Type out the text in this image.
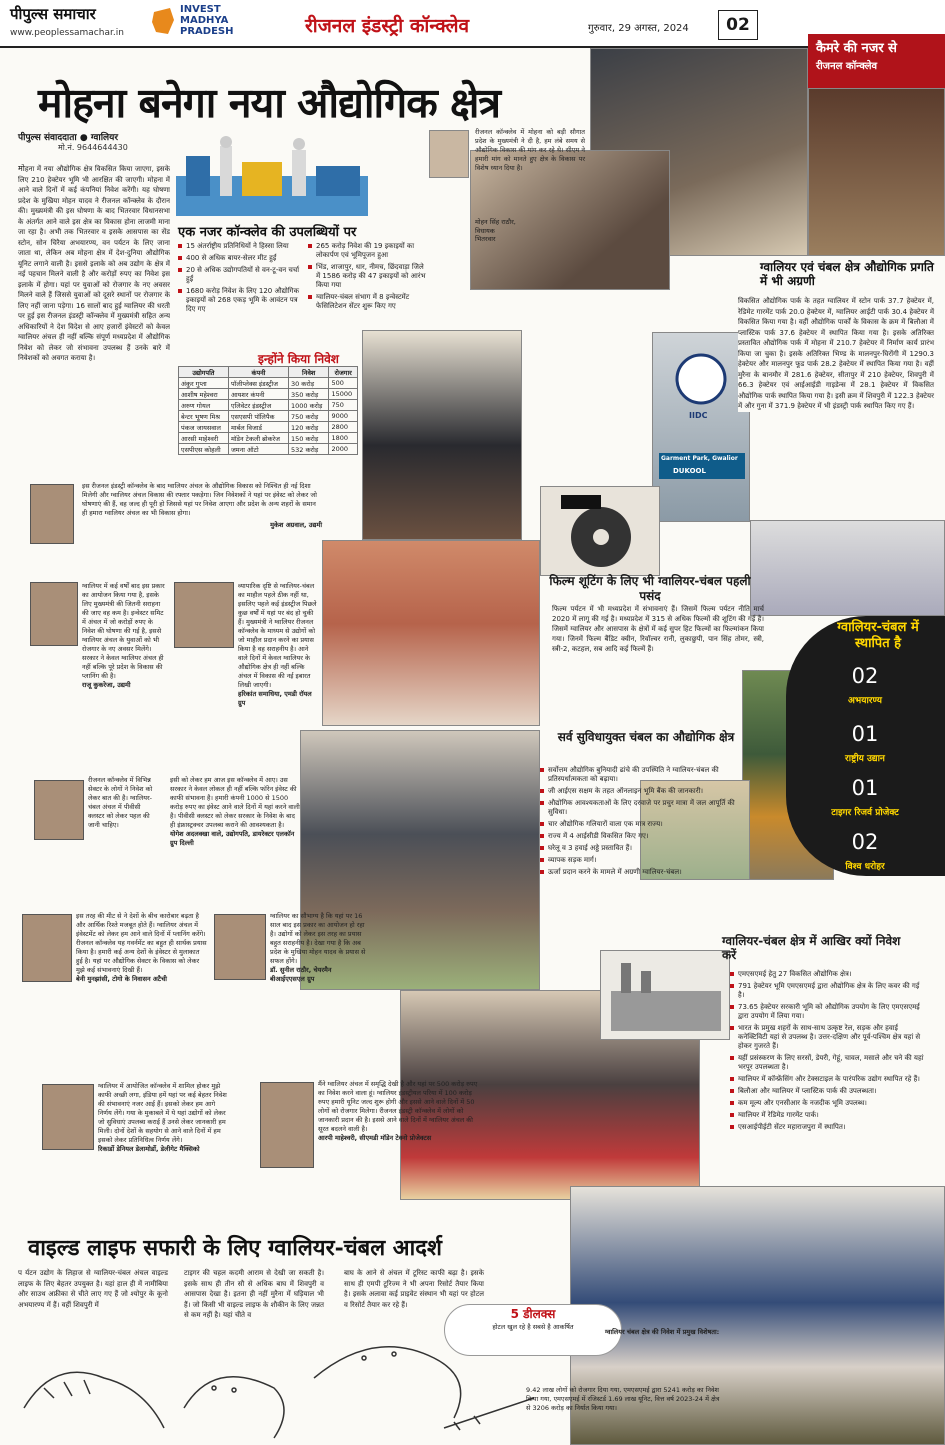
पीपुल्स समाचार
www.peoplessamachar.in
INVEST
MADHYA
PRADESH	रीजनल इंडस्ट्री कॉन्क्लेव	गुरुवार, 29 अगस्त, 2024	02
कैमरे की नजर से
रीजनल कॉन्क्लेव
IIDC
Garment Park, Gwalior
DUKOOL
मोहना बनेगा नया औद्योगिक क्षेत्र
पीपुल्स संवाददाता ● ग्वालियर
मो.नं. 9644644430
मोहना में नया औद्योगिक क्षेत्र विकसित किया जाएगा, इसके लिए 210 हेक्टेयर भूमि भी आरक्षित की जाएगी। मोहना में आने वाले दिनों में कई कंपनियां निवेश करेंगी। यह घोषणा प्रदेश के मुखिया मोहन यादव ने रीजनल कॉन्क्लेव के दौरान की। मुख्यमंत्री की इस घोषणा के बाद भितरवार विधानसभा के अंतर्गत आने वाले इस क्षेत्र का विकास होना लाजमी माना जा रहा है। अभी तक भितरवार व इसके आसपास का सेंड स्टोन, सोन चिरैया अभयारण्य, वन पर्यटन के लिए जाना जाता था, लेकिन अब मोहना क्षेत्र में देश-दुनिया औद्योगिक यूनिट लगाने वाली है। इससे इलाके को अब उद्योग के क्षेत्र में नई पहचान मिलने वाली है और करोड़ों रुपए का निवेश इस इलाके में होगा। यहां पर युवाओं को रोजगार के नए अवसर मिलने वाले हैं जिससे युवाओं को दूसरे स्थानों पर रोजगार के लिए नहीं जाना पड़ेगा। 16 सालों बाद हुई ग्वालियर की धरती पर हुई इस रीजनल इंडस्ट्री कॉन्क्लेव में मुख्यमंत्री सहित अन्य अधिकारियों ने देश विदेश से आए हजारों इंवेस्टरों को केवल ग्वालियर अंचल ही नहीं बल्कि संपूर्ण मध्यप्रदेश में औद्योगिक निवेश को लेकर जो संभावना उपलब्ध हैं उनके बारे में निवेशकों को अवगत कराया है।
एक नजर कॉन्क्लेव की उपलब्धियों पर
15 अंतर्राष्ट्रीय प्रतिनिधियों ने हिस्सा लिया
400 से अधिक बायर-सेलर मीट हुईं
20 से अधिक उद्योगपतियों से वन-टू-वन चर्चा हुईं
1680 करोड़ निवेश के लिए 120 औद्योगिक इकाइयों को 268 एकड़ भूमि के आवंटन पत्र दिए गए
265 करोड़ निवेश की 19 इकाइयों का लोकार्पण एवं भूमिपूजन हुआ
भिंड, शाजापुर, धार, नीमच, छिंदवाड़ा जिले में 1586 करोड़ की 47 इकाइयों को आरंभ किया गया
ग्वालियर-चंबल संभाग में 8 इन्वेस्टमेंट फेसिलिटेशन सेंटर शुरू किए गए
इन्होंने किया निवेश
उद्योगपति	कंपनी	निवेश	रोजगार
अंकुर गुप्ता	पॉलीप्लेक्स इंडस्ट्रीज	30 करोड़	500
आशीष महेश्वरा	आयशर कंपनी	350 करोड़	15000
अरुण गोयल	एलिवेटर इंडस्ट्रीज	1000 करोड़	750
बेन्टर भूषण मिश्र	एसएसपी पॉलिपैक	750 करोड़	9000
पंकज जायसवाल	मार्बल विजार्ड	120 करोड़	2800
आरसी माहेश्वरी	मॉडेन टेकली ब्रोकरेज	150 करोड़	1800
एसपीएस कोहली	जमना ऑटो	532 करोड़	2000
रीजनल कॉन्क्लेव में मोहना को बड़ी सौगात प्रदेश के मुख्यमंत्री ने दी है, हम लंबे समय से औद्योगिक विकास की मांग कर रहे थे। सीएम ने हमारी मांग को मानते हुए क्षेत्र के विकास पर विशेष ध्यान दिया है।
मोहन सिंह राठौर,
विधायक
भितरवार
इस रीजनल इंडस्ट्री कॉन्क्लेव के बाद ग्वालियर अंचल के औद्योगिक विकास को निश्चित ही नई दिशा मिलेगी और ग्वालियर अंचल विकास की रफ्तार पकड़ेगा। जिन निवेशकों ने यहां पर इंवेस्ट को लेकर जो घोषणाएं की हैं, वह जल्द ही पूरी हो जिससे यहां पर निवेश आएगा और प्रदेश के अन्य शहरों के समान ही हमारा ग्वालियर अंचल का भी विकास होगा।
मुकेश अग्रवाल, उद्यमी
ग्वालियर में कई वर्षों बाद इस प्रकार का आयोजन किया गया है, इसके लिए मुख्यमंत्री की जितनी सराहना की जाए वह कम है। इन्वेस्टर समिट में अंचल में जो करोड़ों रुपए के निवेश की घोषणा की गई है, इससे ग्वालियर अंचल के युवाओं को भी रोजगार के नए अवसर मिलेंगे। सरकार ने केवल ग्वालियर अंचल ही नहीं बल्कि पूरे प्रदेश के विकास की प्लानिंग की है।
राजू कुकरेजा, उद्यमी
व्यापारिक दृष्टि से ग्वालियर-चंबल का माहौल पहले ठीक नहीं था, इसलिए पहले कई इंडस्ट्रीज पिछले कुछ वर्षों में यहां पर बंद हो चुकी हैं। मुख्यमंत्री ने ग्वालियर रीजनल कॉन्क्लेव के माध्यम से उद्योगों को जो माहौल प्रदान करने का प्रयास किया है वह सराहनीय है। आने वाले दिनों में केवल ग्वालियर के औद्योगिक क्षेत्र ही नहीं बल्कि अंचल में विकास की नई इबारत लिखी जाएगी।
हरिकांत समाधिया, एमडी रॉयल ग्रुप
रीजनल कॉन्क्लेव में विभिन्न सेक्टर के लोगों ने निवेश को लेकर बात की है। ग्वालियर-चंबल अंचल में पीवीसी क्लस्टर को लेकर पहल की जानी चाहिए।
इसी को लेकर हम आज इस कॉन्क्लेव में आए। उस सरकार ने केवल लोकल ही नहीं बल्कि फॉरेन इंवेस्ट की काफी संभावना है। हमारी कंपनी 1000 से 1500 करोड़ रुपए का इंवेस्ट आने वाले दिनों में यहां करने वाली है। पीवीसी क्लस्टर को लेकर सरकार के निवेश के बाद ही इंफ्रास्ट्रक्चर उपलब्ध कराने की आवश्यकता है।
योगेश अदलक्खा वाले, उद्योगपति, डायरेक्टर एलकॉन ग्रुप दिल्ली
इस तरह की मीट से ने देशों के बीच कारोबार बढ़ता है और आर्थिक रिश्ते मजबूत होते हैं। ग्वालियर अंचल में इंवेस्टमेंट को लेकर हम आने वाले दिनों में प्लानिंग करेंगे। रीजनल कॉन्क्लेव यह गवर्नमेंट का बहुत ही सार्थक प्रयास किया है। हमारी कई अन्य देशों के इंवेस्टर से मुलाकात हुई है। यहां पर औद्योगिक सेक्टर के विकास को लेकर मुझे कई संभावनाएं दिखी हैं।
बेनी मुनझांसी, टोगो के निवासन अटैची
ग्वालियर का सौभाग्य है कि यहां पर 16 साल बाद इस प्रकार का आयोजन हो रहा है। उद्योगों को लेकर इस तरह का प्रयास बहुत सराहनीय है। देखा गया है कि अब प्रदेश के मुखिया मोहन यादव के प्रयास से सफल होंगे।
डॉ. सुनील राठौर, चेयरमैन बीआईएएसएल ग्रुप
ग्वालियर में आयोजित कॉन्क्लेव में शामिल होकर मुझे काफी अच्छी लगा, इंडिया हमें यहां पर कई बेहतर निवेश की संभावनाएं नजर आई हैं। इसको लेकर हम आगे निर्णय लेंगे। गया के मुकाबले में ये यहां उद्योगों को लेकर जो सुविधाएं उपलब्ध कराई हैं उनसे लेकर जानकारी हम मिली। दोनों देशों के सहयोग से आने वाले दिनों में हम इसको लेकर प्रतिनिधित्व निर्णय लेंगे।
रिकार्डो डेनियल डेलामोर्डो, डेलीगेट मैक्सिको
मैंने ग्वालियर अंचल में समृद्धि देखी है और यहां पर 500 करोड़ रुपए का निवेश करने वाला हूं। ग्वालियर इंडस्ट्रीयल परिया में 100 करोड़ रुपए हमारी यूनिट जल्द शुरू होगी और इससे आने वाले दिनों में 50 लोगों को रोजगार मिलेगा। रीजनल इंडस्ट्री कॉन्क्लेव में लोगों को जानकारी प्रदान की है। इससे आने वाले दिनों में ग्वालियर अंचल की सूरत बदलने वाली है।
आरपी माहेश्वरी, सीएमडी मॉडेन टेक्नो प्रोजेक्टस
ग्वालियर एवं चंबल क्षेत्र औद्योगिक प्रगति में भी अग्रणी
विकसित औद्योगिक पार्क के तहत ग्वालियर में स्टोन पार्क 37.7 हेक्टेयर में, रेडिमेट गारमेंट पार्क 20.0 हेक्टेयर में, ग्वालियर आईटी पार्क 30.4 हेक्टेयर में विकसित किया गया है। वहीं औद्योगिक पार्कों के विकास के क्रम में बिलौआ में प्लास्टिक पार्क 37.6 हेक्टेयर में स्थापित किया गया है। इसके अतिरिक्त प्रस्तावित औद्योगिक पार्क में मोहना में 210.7 हेक्टेयर में निर्माण कार्य प्रारंभ किया जा चुका है। इसके अतिरिक्त भिण्ड के मालनपुर-घिरोंगी में 1290.3 हेक्टेयर और मालनपुर फूड पार्क 28.2 हेक्टेयर में स्थापित किया गया है। वहीं मुरैना के बानमौर में 281.6 हेक्टेयर, सीतापुर में 210 हेक्टेयर, शिवपुरी में 66.3 हेक्टेयर एवं आईआईडी गाइडेन्स में 28.1 हेक्टेयर में विकसित औद्योगिक पार्क स्थापित किया गया है। इसी क्रम में शिवपुरी में 122.3 हेक्टेयर में और गुना में 371.9 हेक्टेयर में भी इंडस्ट्री पार्क स्थापित किए गए हैं।
ग्वालियर-चंबल में स्थापित है
02
अभयारण्य
01
राष्ट्रीय उद्यान
01
टाइगर रिजर्व प्रोजेक्ट
02
विश्व धरोहर
फिल्म शूटिंग के लिए भी ग्वालियर-चंबल पहली पसंद
फिल्म पर्यटन में भी मध्यप्रदेश में संभावनाएं हैं। जिसमें फिल्म पर्यटन नीति मार्च 2020 में लागू की गई है। मध्यप्रदेश में 315 से अधिक फिल्मों की शूटिंग की गई है। जिसमें ग्वालियर और आसपास के क्षेत्रों में कई सुपर हिट फिल्मों का फिल्मांकन किया गया। जिनमें फिल्म बैंडिट क्वीन, रिवॉल्वर रानी, लुकाछुपी, पान सिंह तोमर, स्त्री, स्त्री-2, कटहल, सब आदि कई फिल्में हैं।
सर्व सुविधायुक्त चंबल का औद्योगिक क्षेत्र
सर्वोत्तम औद्योगिक बुनियादी ढांचे की उपस्थिति ने ग्वालियर-चंबल की प्रतिस्पर्धात्मकता को बढ़ाया।
जी आईएस सक्षम के तहत ऑनलाइन भूमि बैंक की जानकारी।
औद्योगिक आवश्यकताओं के लिए दरवाजे पर प्रचुर मात्रा में जल आपूर्ति की सुविधा।
चार औद्योगिक गलियारों वाला एक मात्र राज्य।
राज्य में 4 आईसीडी विकसित किए गए।
घरेलू व 3 हवाई अड्डे प्रस्तावित हैं।
व्यापक सड़क मार्ग।
ऊर्जा प्रदान करने के मामले में अग्रणी ग्वालियर-चंबल।
ग्वालियर-चंबल क्षेत्र में आखिर क्यों निवेश करें
एमएसएमई हेतु 27 विकसित औद्योगिक क्षेत्र।
791 हेक्टेयर भूमि एमएसएमई द्वारा औद्योगिक क्षेत्र के लिए कवर की गई है।
73.65 हेक्टेयर सरकारी भूमि को औद्योगिक उपयोग के लिए एमएसएमई द्वारा उपयोग में लिया गया।
भारत के प्रमुख शहरों के साथ-साथ उत्कृष्ट रेल, सड़क और हवाई कनेक्टिविटी यहां से उपलब्ध है। उत्तर-दक्षिण और पूर्व-पश्चिम क्षेत्र यहां से होकर गुजरते हैं।
यहीं प्रसंस्करण के लिए सरसों, डेयरी, गेहूं, चावल, मसाले और चने की यहां भरपूर उपलब्धता है।
ग्वालियर में कॉन्फ्रेंसिंग और टेक्सटाइल के पारंपरिक उद्योग स्थापित रहे हैं।
बिलौआ और ग्वालियर में प्लास्टिक पार्क की उपलब्धता।
कम मूल्य और एनसीआर के नजदीक भूमि उपलब्ध।
ग्वालियर में रेडिमेड गारमेंट पार्क।
एसआईपीईटी सेंटर महाराजपुरा में स्थापित।
वाइल्ड लाइफ सफारी के लिए ग्वालियर-चंबल आदर्श
प र्यटन उद्योग के लिहाज से ग्वालियर-चंबल अंचल वाइल्ड लाइफ के लिए बेहतर उपयुक्त है। यहां हाल ही में नामीबिया और साउथ अफ्रीका से चीते लाए गए हैं जो श्योपुर के कूनो अभयारण्य में हैं। वहीं शिवपुरी में
टाइगर की चहल कदमी आराम से देखी जा सकती है। इसके साथ ही तीन सौ से अधिक बाघ में शिवपुरी व आसपास देखा है। इतना ही नहीं मुरैना में घड़ियाल भी हैं। जो किसी भी वाइल्ड लाइफ के शौकीन के लिए जन्नत से कम नहीं है। यहां चीते व
बाघ के आने से अंचल में टूरिस्ट काफी बढ़ा है। इसके साथ ही एमपी टूरिज्म ने भी अपना रिसोर्ट तैयार किया है। इसके अलावा कई प्राइवेट संस्थान भी यहां पर होटल व रिसोर्ट तैयार कर रहे हैं।
5 डीलक्स
होटल खुल रहे है सबसे है आकर्षित
ग्वालियर चंबल क्षेत्र की निवेश में प्रमुख विशेषता:
9.42 लाख लोगों को रोजगार दिया गया, एमएसएमई द्वारा 5241 करोड़ का निवेश किया गया, एमएसएमई में रजिस्टर्ड 1.69 लाख यूनिट, वित्त वर्ष 2023-24 में क्षेत्र से 3206 करोड़ का निर्यात किया गया।
